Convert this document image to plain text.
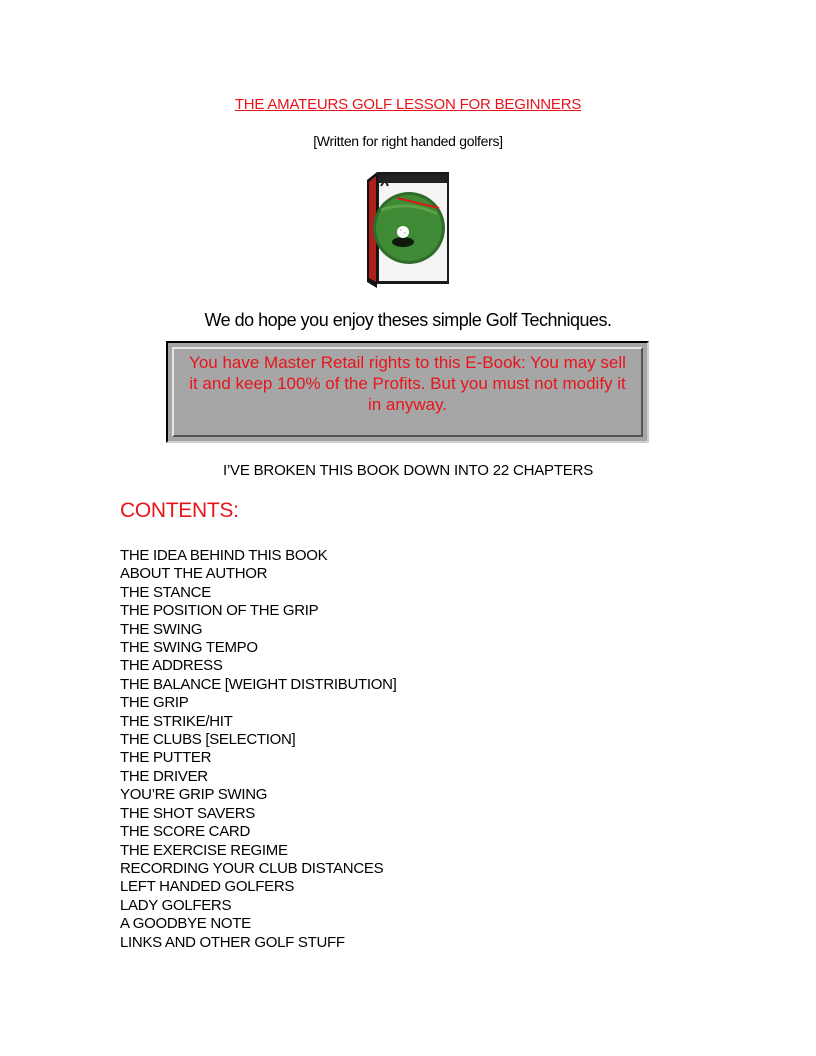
THE AMATEURS GOLF LESSON FOR BEGINNERS
[Written for right handed golfers]
We do hope you enjoy theses simple Golf Techniques.
You have Master Retail rights to this E-Book: You may sell it and keep 100% of the Profits. But you must not modify it in anyway.
I’VE BROKEN THIS BOOK DOWN INTO 22 CHAPTERS
CONTENTS:
THE IDEA BEHIND THIS BOOK
ABOUT THE AUTHOR
THE STANCE
THE POSITION OF THE GRIP
THE SWING
THE SWING TEMPO
THE ADDRESS
THE BALANCE [WEIGHT DISTRIBUTION]
THE GRIP
THE STRIKE/HIT
THE CLUBS [SELECTION]
THE PUTTER
THE DRIVER
YOU’RE GRIP SWING
THE SHOT SAVERS
THE SCORE CARD
THE EXERCISE REGIME
RECORDING YOUR CLUB DISTANCES
LEFT HANDED GOLFERS
LADY GOLFERS
A GOODBYE NOTE
LINKS AND OTHER GOLF STUFF
